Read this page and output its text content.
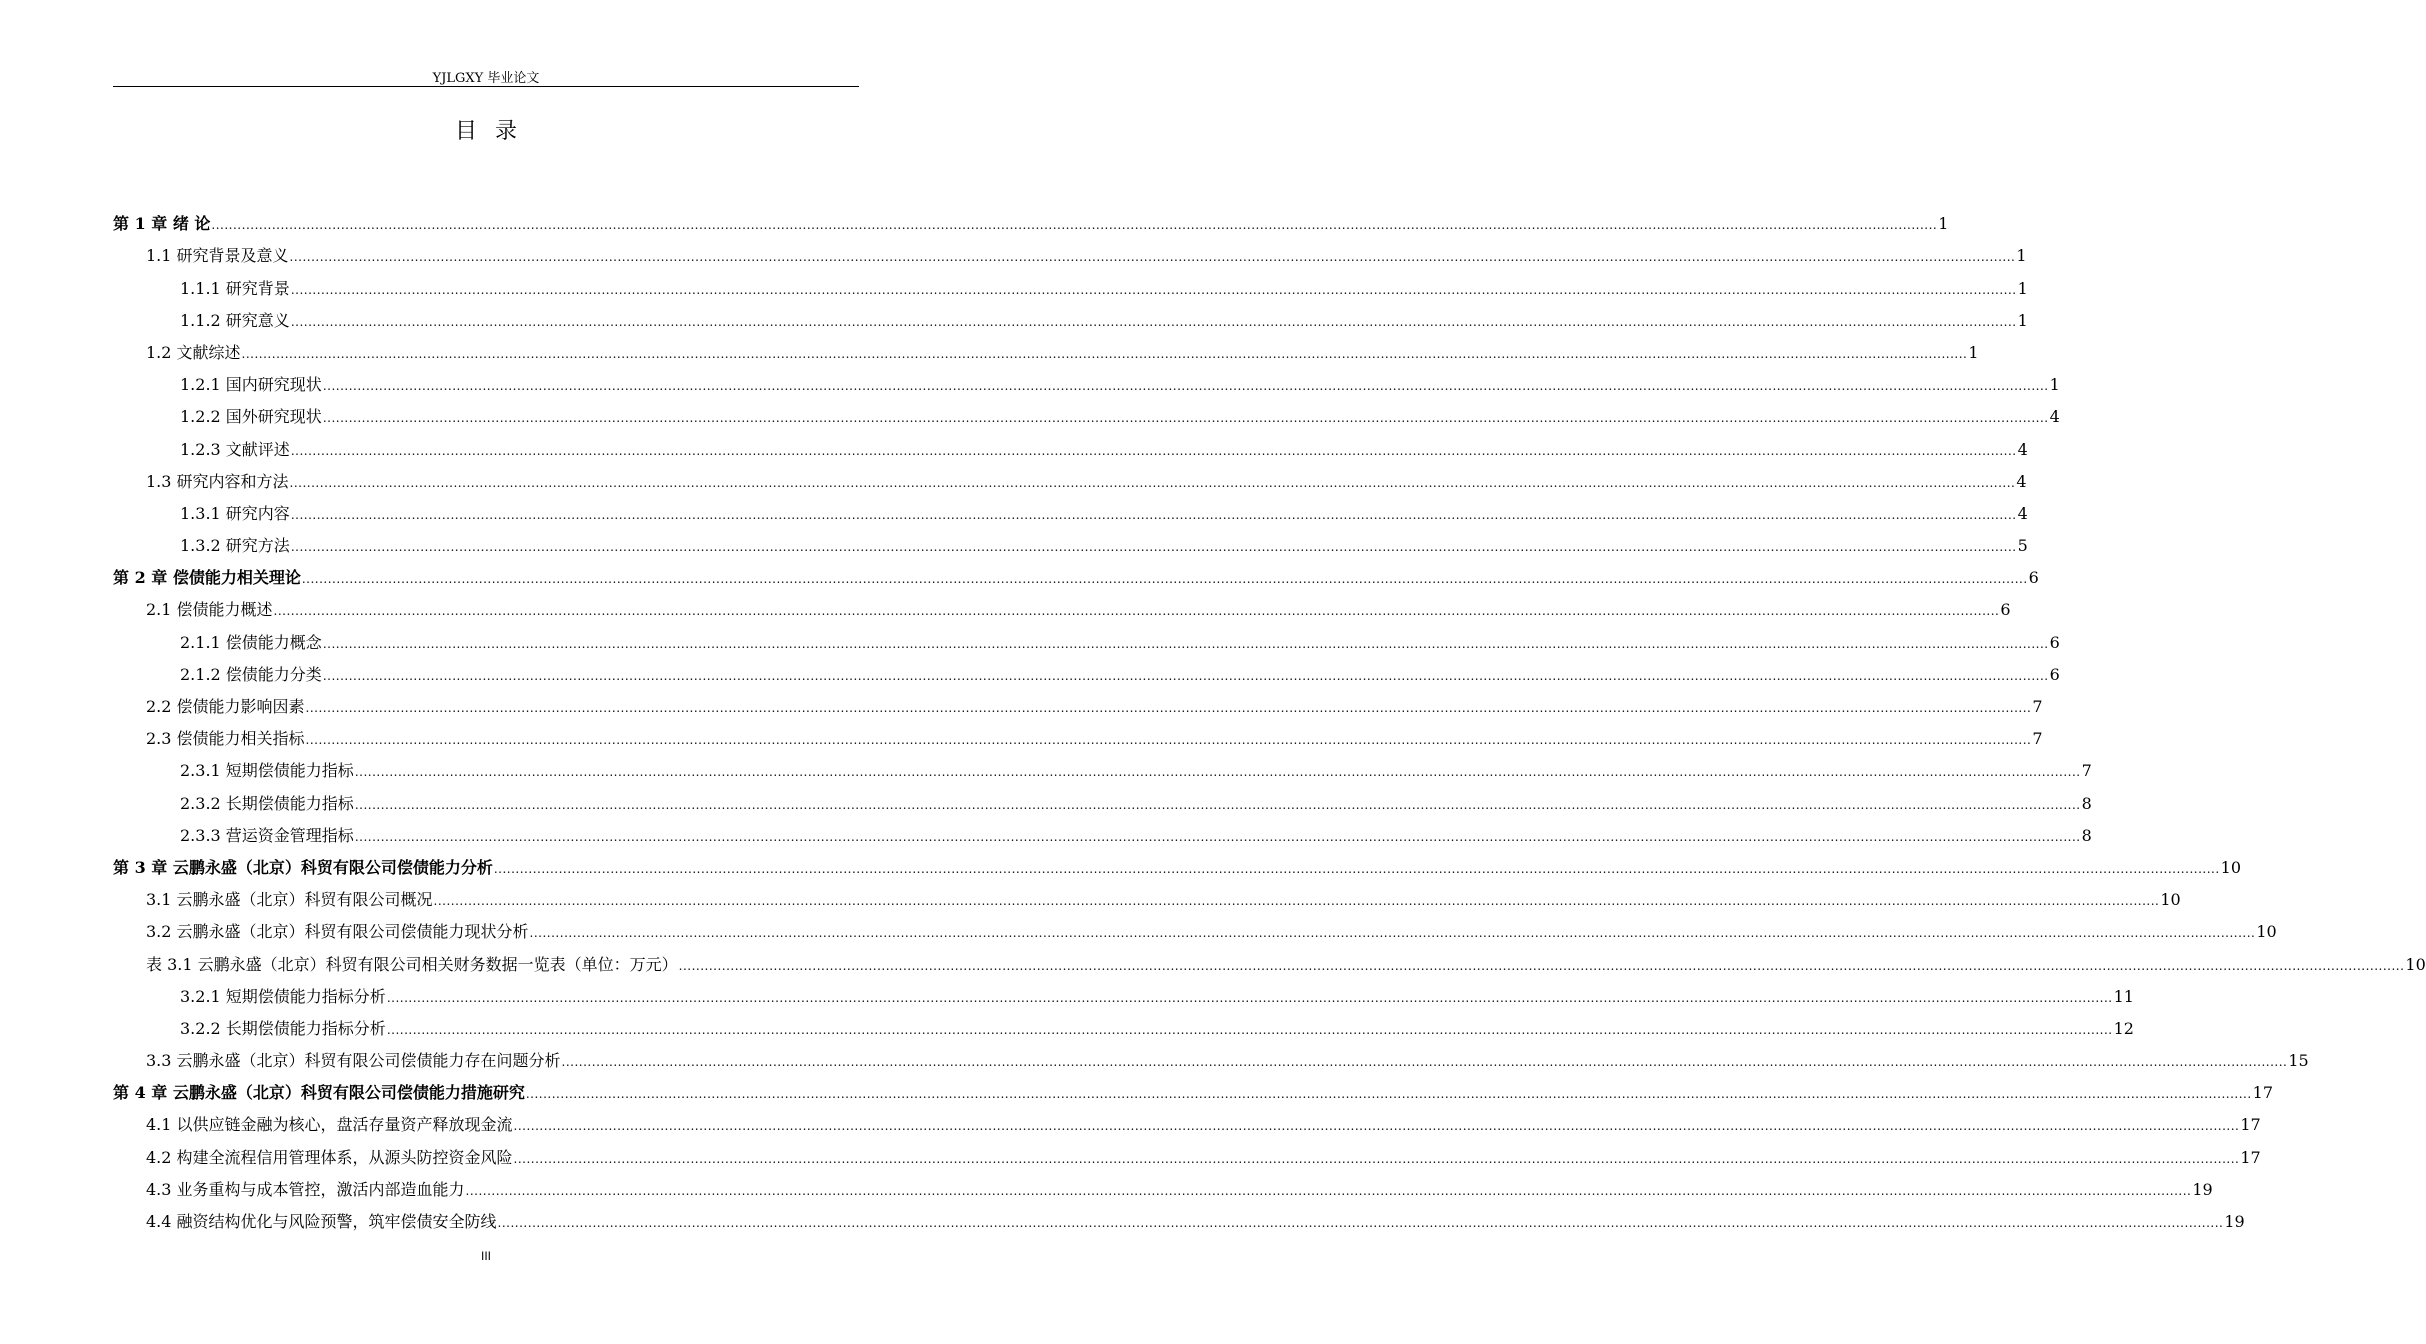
YJLGXY 毕业论文
目录
第 1 章 绪 论 ................................................................................................................................................................................................................................................................................................................................................................................................................ 1
1.1 研究背景及意义 ................................................................................................................................................................................................................................................................................................................................................................................................................ 1
1.1.1 研究背景 ................................................................................................................................................................................................................................................................................................................................................................................................................ 1
1.1.2 研究意义 ................................................................................................................................................................................................................................................................................................................................................................................................................ 1
1.2 文献综述 ................................................................................................................................................................................................................................................................................................................................................................................................................ 1
1.2.1 国内研究现状 ................................................................................................................................................................................................................................................................................................................................................................................................................ 1
1.2.2 国外研究现状 ................................................................................................................................................................................................................................................................................................................................................................................................................ 4
1.2.3 文献评述 ................................................................................................................................................................................................................................................................................................................................................................................................................ 4
1.3 研究内容和方法 ................................................................................................................................................................................................................................................................................................................................................................................................................ 4
1.3.1 研究内容 ................................................................................................................................................................................................................................................................................................................................................................................................................ 4
1.3.2 研究方法 ................................................................................................................................................................................................................................................................................................................................................................................................................ 5
第 2 章 偿债能力相关理论 ................................................................................................................................................................................................................................................................................................................................................................................................................ 6
2.1 偿债能力概述 ................................................................................................................................................................................................................................................................................................................................................................................................................ 6
2.1.1 偿债能力概念 ................................................................................................................................................................................................................................................................................................................................................................................................................ 6
2.1.2 偿债能力分类 ................................................................................................................................................................................................................................................................................................................................................................................................................ 6
2.2 偿债能力影响因素 ................................................................................................................................................................................................................................................................................................................................................................................................................ 7
2.3 偿债能力相关指标 ................................................................................................................................................................................................................................................................................................................................................................................................................ 7
2.3.1 短期偿债能力指标 ................................................................................................................................................................................................................................................................................................................................................................................................................ 7
2.3.2 长期偿债能力指标 ................................................................................................................................................................................................................................................................................................................................................................................................................ 8
2.3.3 营运资金管理指标 ................................................................................................................................................................................................................................................................................................................................................................................................................ 8
第 3 章 云鹏永盛（北京）科贸有限公司偿债能力分析 ................................................................................................................................................................................................................................................................................................................................................................................................................ 10
3.1 云鹏永盛（北京）科贸有限公司概况 ................................................................................................................................................................................................................................................................................................................................................................................................................ 10
3.2 云鹏永盛（北京）科贸有限公司偿债能力现状分析 ................................................................................................................................................................................................................................................................................................................................................................................................................ 10
表 3.1 云鹏永盛（北京）科贸有限公司相关财务数据一览表（单位：万元） ................................................................................................................................................................................................................................................................................................................................................................................................................ 10
3.2.1 短期偿债能力指标分析 ................................................................................................................................................................................................................................................................................................................................................................................................................ 11
3.2.2 长期偿债能力指标分析 ................................................................................................................................................................................................................................................................................................................................................................................................................ 12
3.3 云鹏永盛（北京）科贸有限公司偿债能力存在问题分析 ................................................................................................................................................................................................................................................................................................................................................................................................................ 15
第 4 章 云鹏永盛（北京）科贸有限公司偿债能力措施研究 ................................................................................................................................................................................................................................................................................................................................................................................................................ 17
4.1 以供应链金融为核心，盘活存量资产释放现金流 ................................................................................................................................................................................................................................................................................................................................................................................................................ 17
4.2 构建全流程信用管理体系，从源头防控资金风险 ................................................................................................................................................................................................................................................................................................................................................................................................................ 17
4.3 业务重构与成本管控，激活内部造血能力 ................................................................................................................................................................................................................................................................................................................................................................................................................ 19
4.4 融资结构优化与风险预警，筑牢偿债安全防线 ................................................................................................................................................................................................................................................................................................................................................................................................................ 19
III
